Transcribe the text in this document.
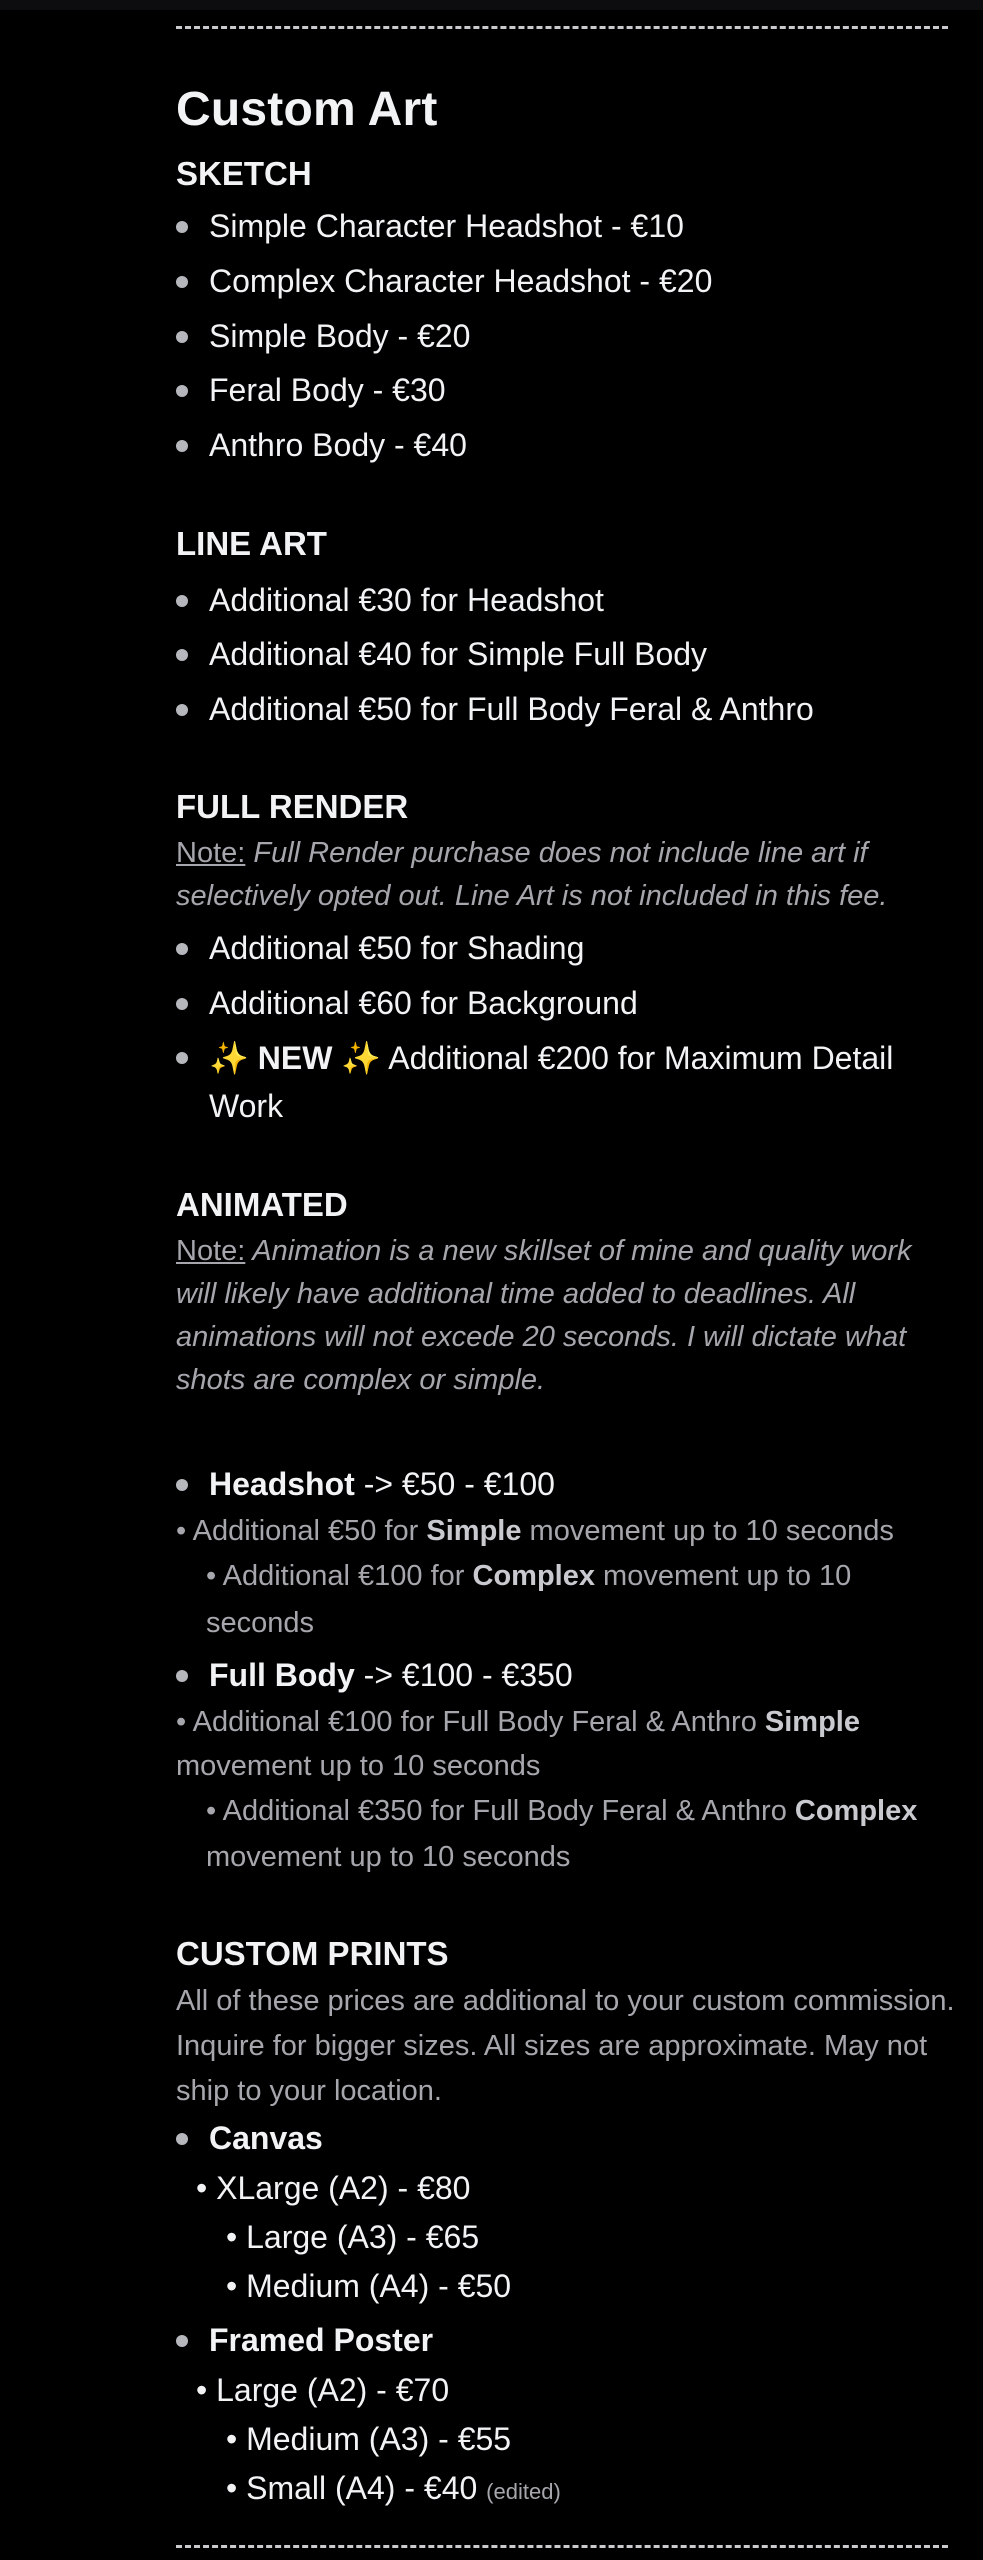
Custom Art
SKETCH
Simple Character Headshot - €10
Complex Character Headshot - €20
Simple Body - €20
Feral Body - €30
Anthro Body - €40
LINE ART
Additional €30 for Headshot
Additional €40 for Simple Full Body
Additional €50 for Full Body Feral & Anthro
FULL RENDER
Note: Full Render purchase does not include line art if selectively opted out. Line Art is not included in this fee.
Additional €50 for Shading
Additional €60 for Background
✨ NEW ✨ Additional €200 for Maximum Detail
Work
ANIMATED
Note: Animation is a new skillset of mine and quality work will likely have additional time added to deadlines. All animations will not excede 20 seconds. I will dictate what shots are complex or simple.
Headshot -> €50 - €100
• Additional €50 for Simple movement up to 10 seconds
• Additional €100 for Complex movement up to 10
seconds
Full Body -> €100 - €350
• Additional €100 for Full Body Feral & Anthro Simple
movement up to 10 seconds
• Additional €350 for Full Body Feral & Anthro Complex
movement up to 10 seconds
CUSTOM PRINTS
All of these prices are additional to your custom commission. Inquire for bigger sizes. All sizes are approximate. May not ship to your location.
Canvas
• XLarge (A2) - €80
• Large (A3) - €65
• Medium (A4) - €50
Framed Poster
• Large (A2) - €70
• Medium (A3) - €55
• Small (A4) - €40 (edited)
